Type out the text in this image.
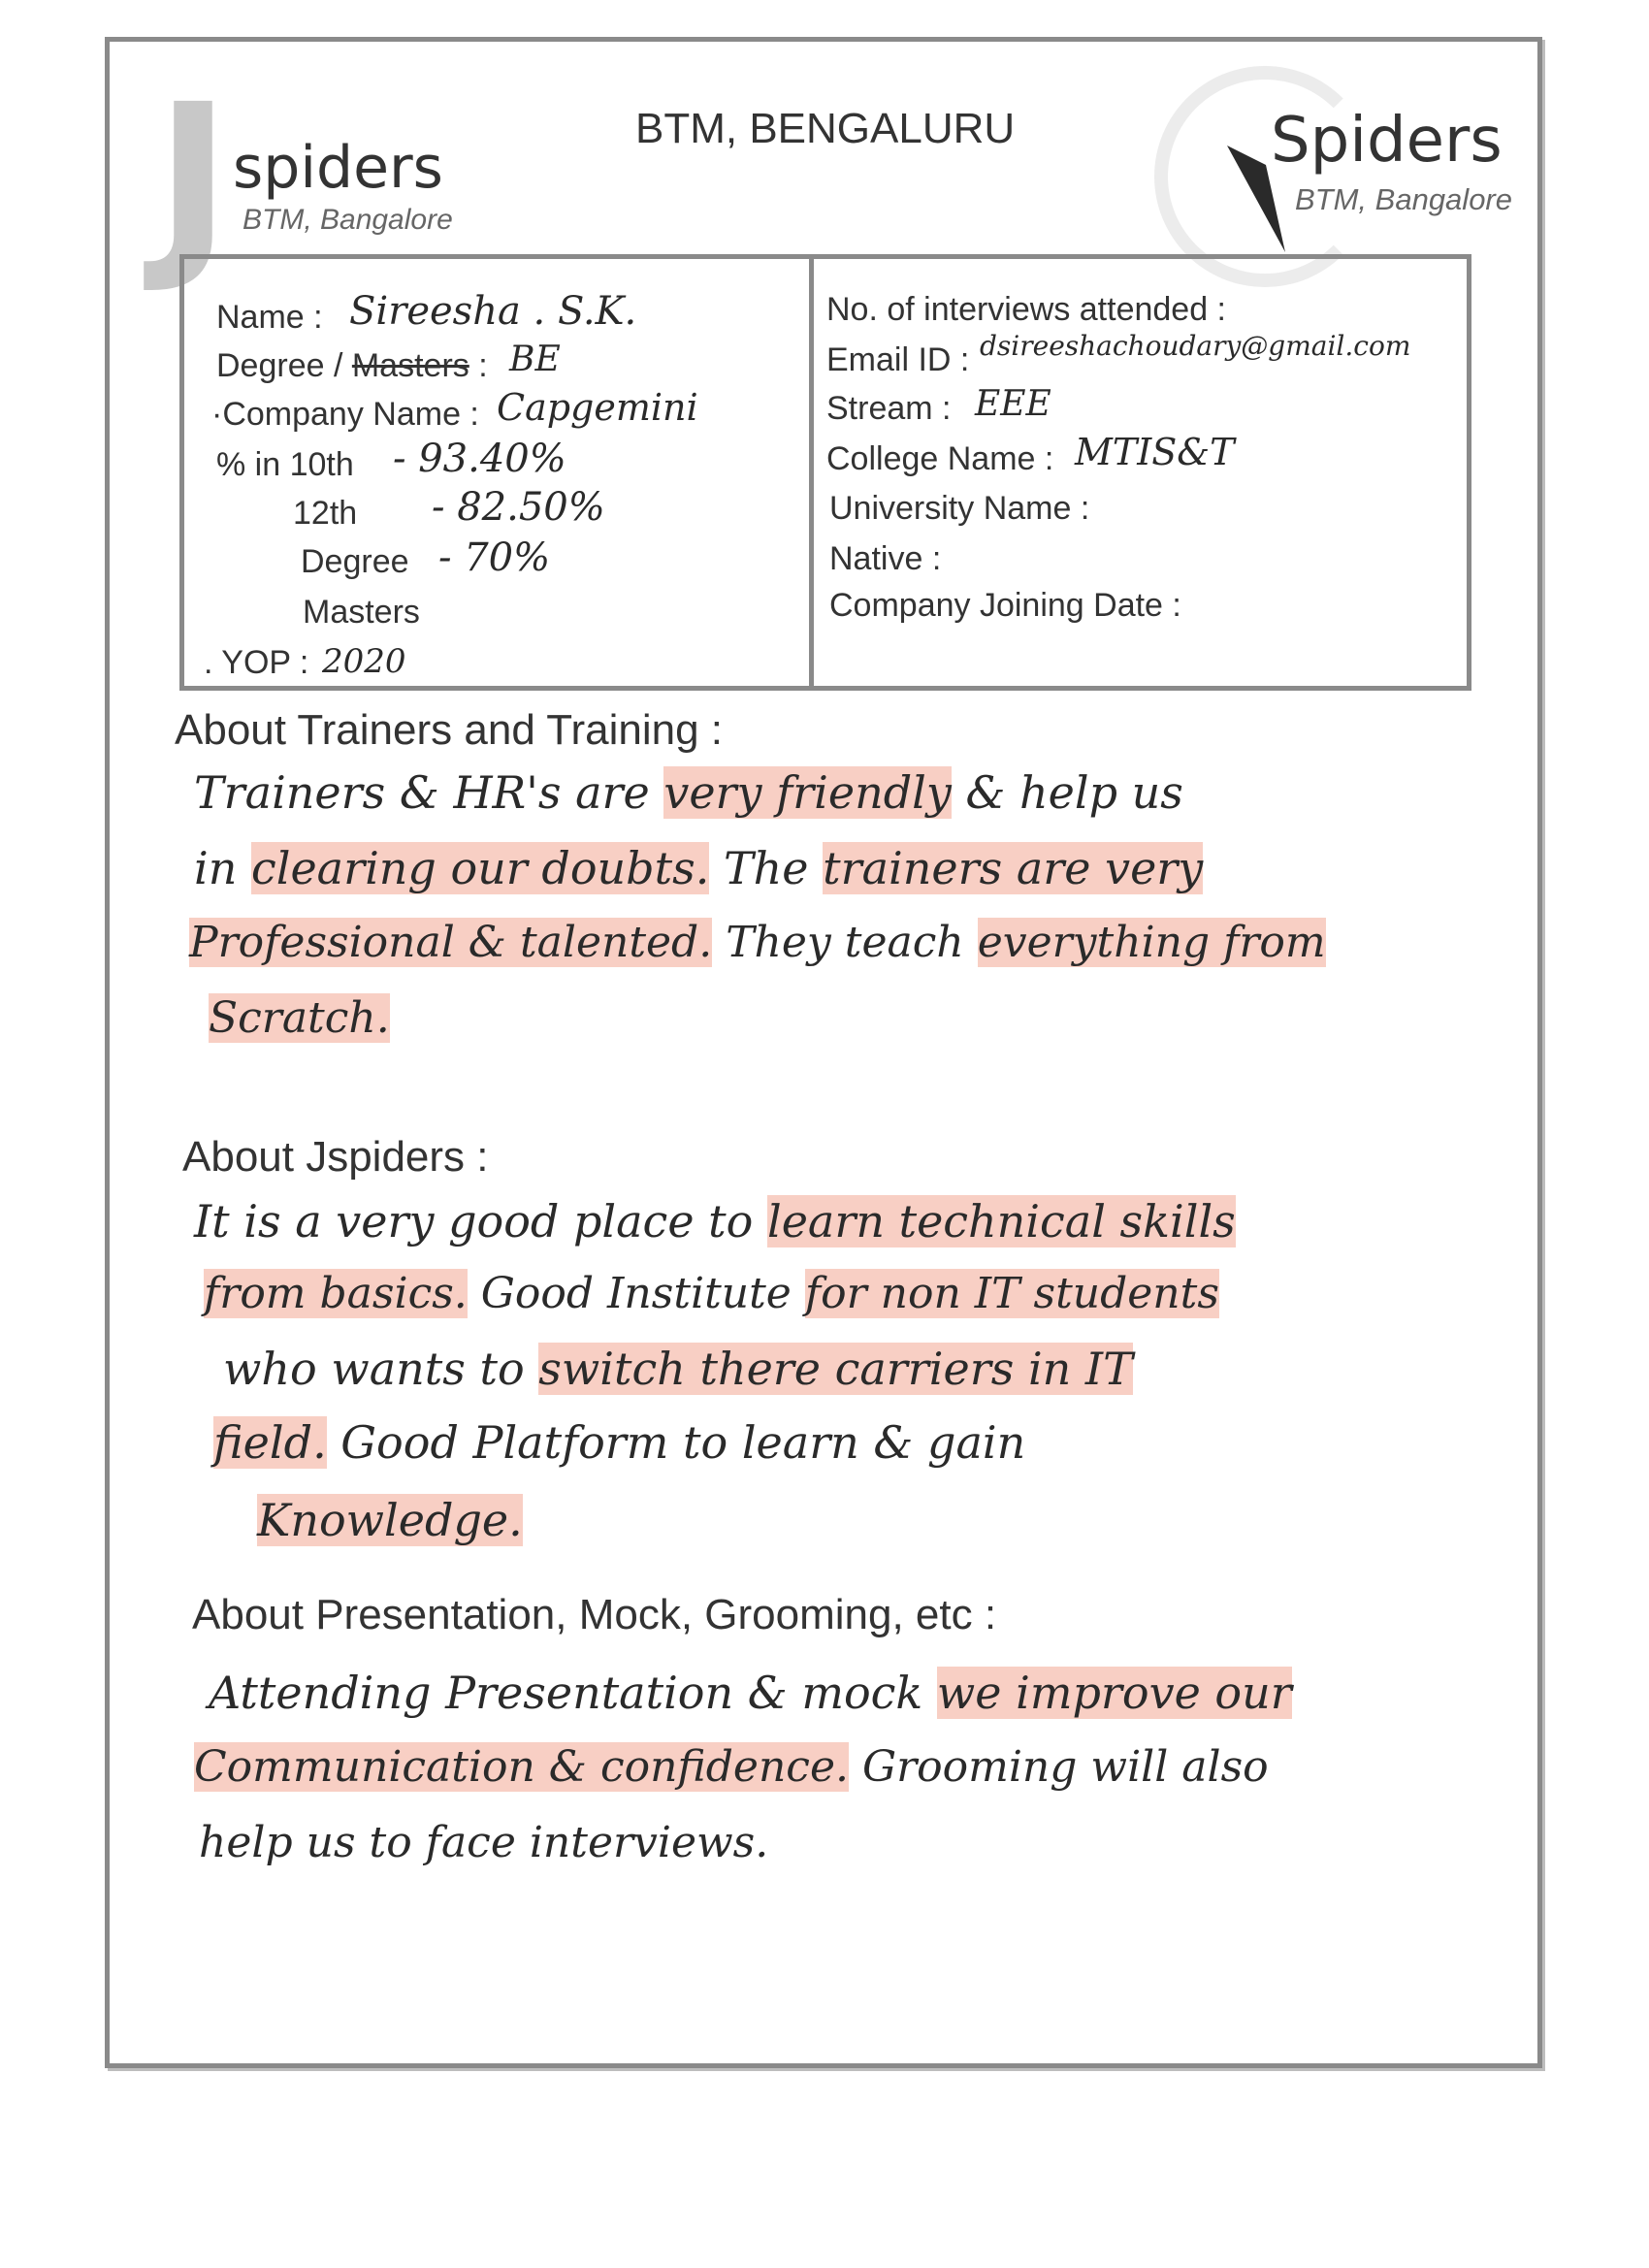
J spiders
BTM, Bangalore
BTM, BENGALURU	Spiders
BTM, Bangalore
Name : Sireesha . S.K.
Degree / Masters : BE
·Company Name : Capgemini
% in 10th - 93.40%
12th - 82.50%
Degree - 70%
Masters
. YOP : 2020
No. of interviews attended :
Email ID : dsireeshachoudary@gmail.com
Stream : EEE
College Name : MTIS&T
University Name :
Native :
Company Joining Date :
About Trainers and Training :
Trainers & HR's are very friendly & help us
in clearing our doubts. The trainers are very
Professional & talented. They teach everything from
Scratch.
About Jspiders :
It is a very good place to learn technical skills
from basics. Good Institute for non IT students
who wants to switch there carriers in IT
field. Good Platform to learn & gain
Knowledge.
About Presentation, Mock, Grooming, etc :
Attending Presentation & mock we improve our
Communication & confidence. Grooming will also
help us to face interviews.
